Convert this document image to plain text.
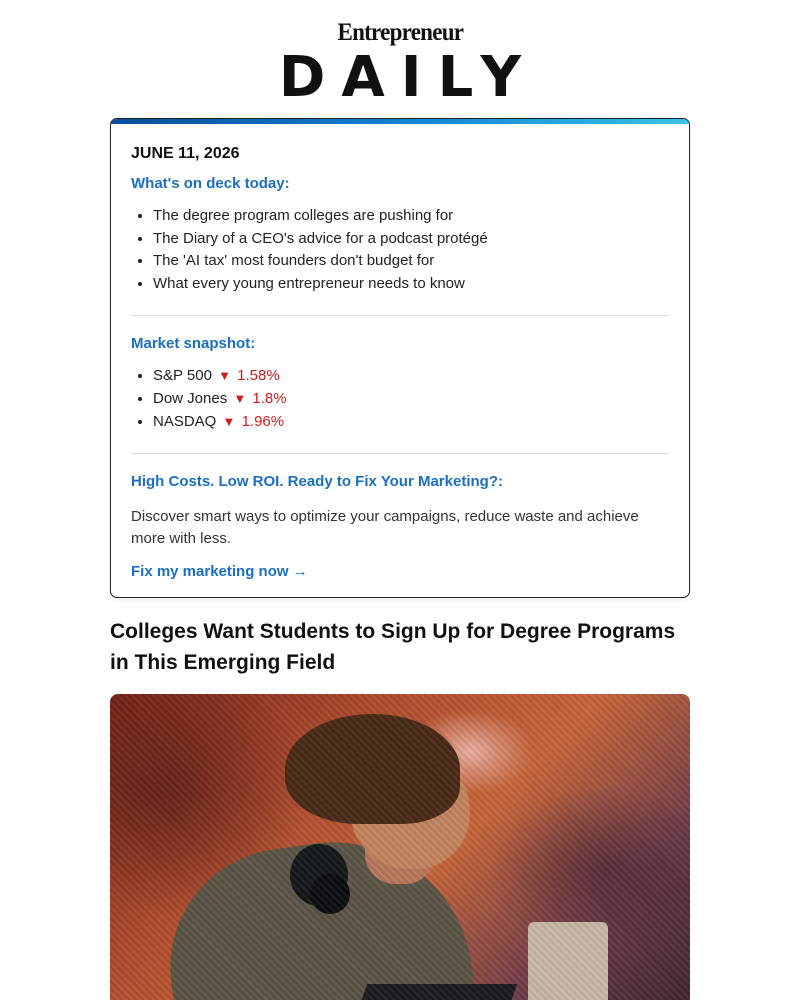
Entrepreneur
DAILY
JUNE 11, 2026
What's on deck today:
• The degree program colleges are pushing for
• The Diary of a CEO's advice for a podcast protégé
• The 'AI tax' most founders don't budget for
• What every young entrepreneur needs to know
Market snapshot:
• S&P 500 ▼ 1.58%
• Dow Jones ▼ 1.8%
• NASDAQ ▼ 1.96%
High Costs. Low ROI. Ready to Fix Your Marketing?:
Discover smart ways to optimize your campaigns, reduce waste and achieve more with less.
Fix my marketing now →
Colleges Want Students to Sign Up for Degree Programs in This Emerging Field
